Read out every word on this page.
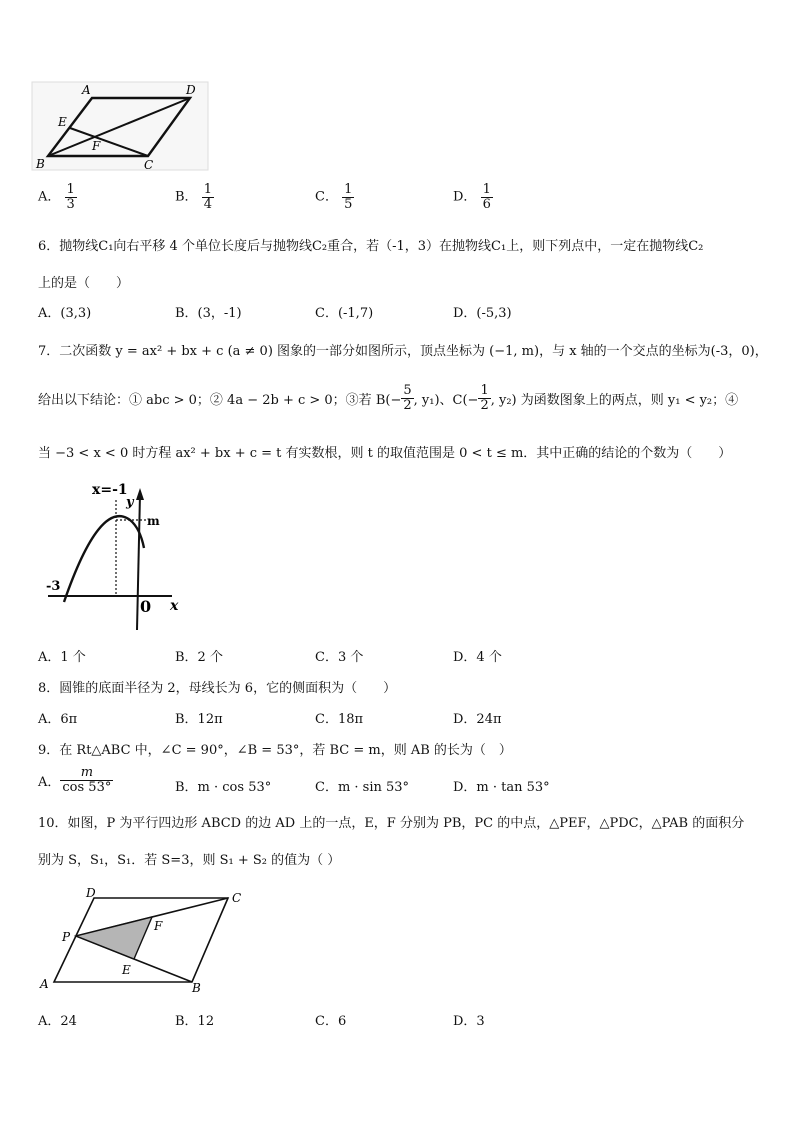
A	D
E
F
B	C
A． $\frac{1}{3}$	B． $\frac{1}{4}$	C． $\frac{1}{5}$	D． $\frac{1}{6}$
6．抛物线C₁向右平移 4 个单位长度后与抛物线C₂重合，若（-1，3）在抛物线C₁上，则下列点中，一定在抛物线C₂
上的是（　　）
A．(3,3)	B．(3，-1)	C．(-1,7)	D．(-5,3)
7．二次函数 y = ax² + bx + c (a ≠ 0) 图象的一部分如图所示，顶点坐标为 (−1, m)，与 x 轴的一个交点的坐标为(-3，0)，
给出以下结论：① abc > 0；② 4a − 2b + c > 0；③若 $B(- \frac{5}{2}$ , y₁)、$C(- \frac{1}{2}$ , y₂) 为函数图象上的两点，则 y₁ < y₂；④
当 −3 < x < 0 时方程 ax² + bx + c = t 有实数根，则 t 的取值范围是 0 < t ≤ m．其中正确的结论的个数为（　　）
x=-1
y
m
-3
0 x
A．1 个	B．2 个	C．3 个	D．4 个
8．圆锥的底面半径为 2，母线长为 6，它的侧面积为（　　）
A．6π	B．12π	C．18π	D．24π
9．在 Rt△ABC 中，∠C = 90°，∠B = 53°，若 BC = m，则 AB 的长为（　）
A． $\frac{m}{\cos 53^\circ}$	B．m · cos 53°	C．m · sin 53°	D．m · tan 53°
10．如图，P 为平行四边形 ABCD 的边 AD 上的一点，E，F 分别为 PB，PC 的中点，△PEF，△PDC，△PAB 的面积分
别为 S，S₁，S₁．若 S=3，则 S₁ + S₂ 的值为（ ）
D	C
P
F
E
A	B
A．24	B．12	C．6	D．3
